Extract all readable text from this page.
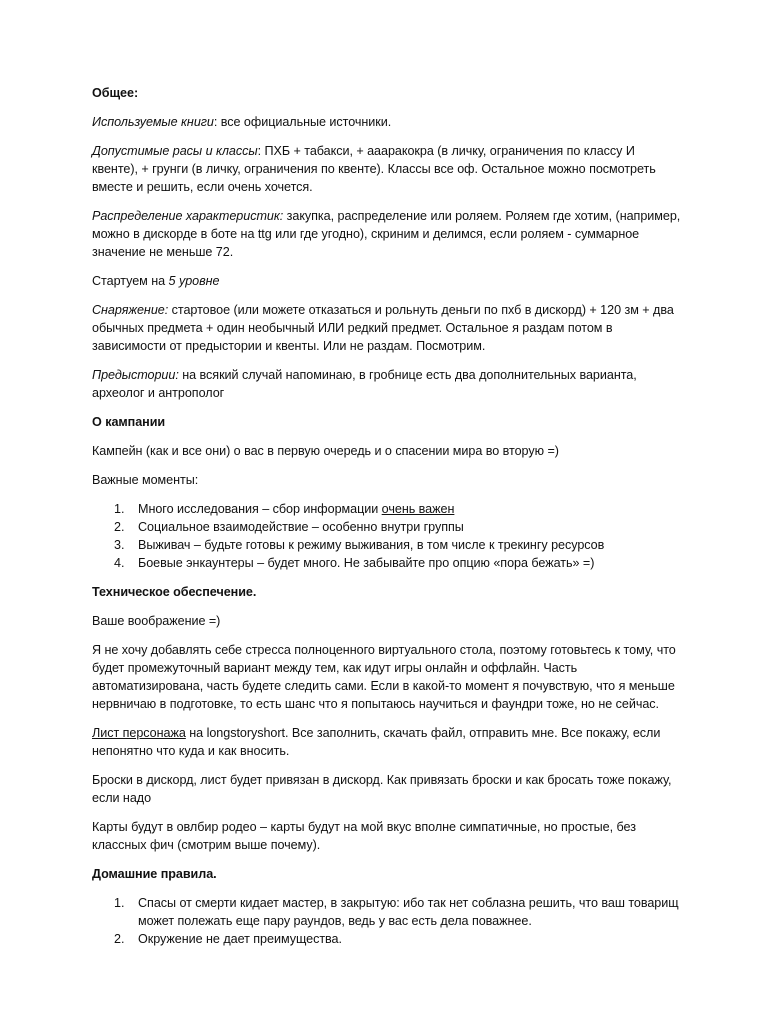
Общее:

Используемые книги: все официальные источники.

Допустимые расы и классы: ПХБ + табакси, + аааракокра (в личку, ограничения по классу И квенте), + грунги (в личку, ограничения по квенте). Классы все оф. Остальное можно посмотреть вместе и решить, если очень хочется.

Распределение характеристик: закупка, распределение или роляем. Роляем где хотим, (например, можно в дискорде в боте на ttg или где угодно), скриним и делимся, если роляем - суммарное значение не меньше 72.

Стартуем на 5 уровне

Снаряжение: стартовое (или можете отказаться и рольнуть деньги по пхб в дискорд) + 120 зм + два обычных предмета + один необычный ИЛИ редкий предмет. Остальное я раздам потом в зависимости от предыстории и квенты. Или не раздам. Посмотрим.

Предыстории: на всякий случай напоминаю, в гробнице есть два дополнительных варианта, археолог и антрополог

О кампании

Кампейн (как и все они) о вас в первую очередь и о спасении мира во вторую =)

Важные моменты:

1. Много исследования – сбор информации очень важен
2. Социальное взаимодействие – особенно внутри группы
3. Выживач – будьте готовы к режиму выживания, в том числе к трекингу ресурсов
4. Боевые энкаунтеры – будет много. Не забывайте про опцию «пора бежать» =)

Техническое обеспечение.

Ваше воображение =)

Я не хочу добавлять себе стресса полноценного виртуального стола, поэтому готовьтесь к тому, что будет промежуточный вариант между тем, как идут игры онлайн и оффлайн. Часть автоматизирована, часть будете следить сами. Если в какой-то момент я почувствую, что я меньше нервничаю в подготовке, то есть шанс что я попытаюсь научиться и фаундри тоже, но не сейчас.

Лист персонажа на longstoryshort. Все заполнить, скачать файл, отправить мне. Все покажу, если непонятно что куда и как вносить.

Броски в дискорд, лист будет привязан в дискорд. Как привязать броски и как бросать тоже покажу, если надо

Карты будут в овлбир родео – карты будут на мой вкус вполне симпатичные, но простые, без классных фич (смотрим выше почему).

Домашние правила.

1. Спасы от смерти кидает мастер, в закрытую: ибо так нет соблазна решить, что ваш товарищ может полежать еще пару раундов, ведь у вас есть дела поважнее.
2. Окружение не дает преимущества.
